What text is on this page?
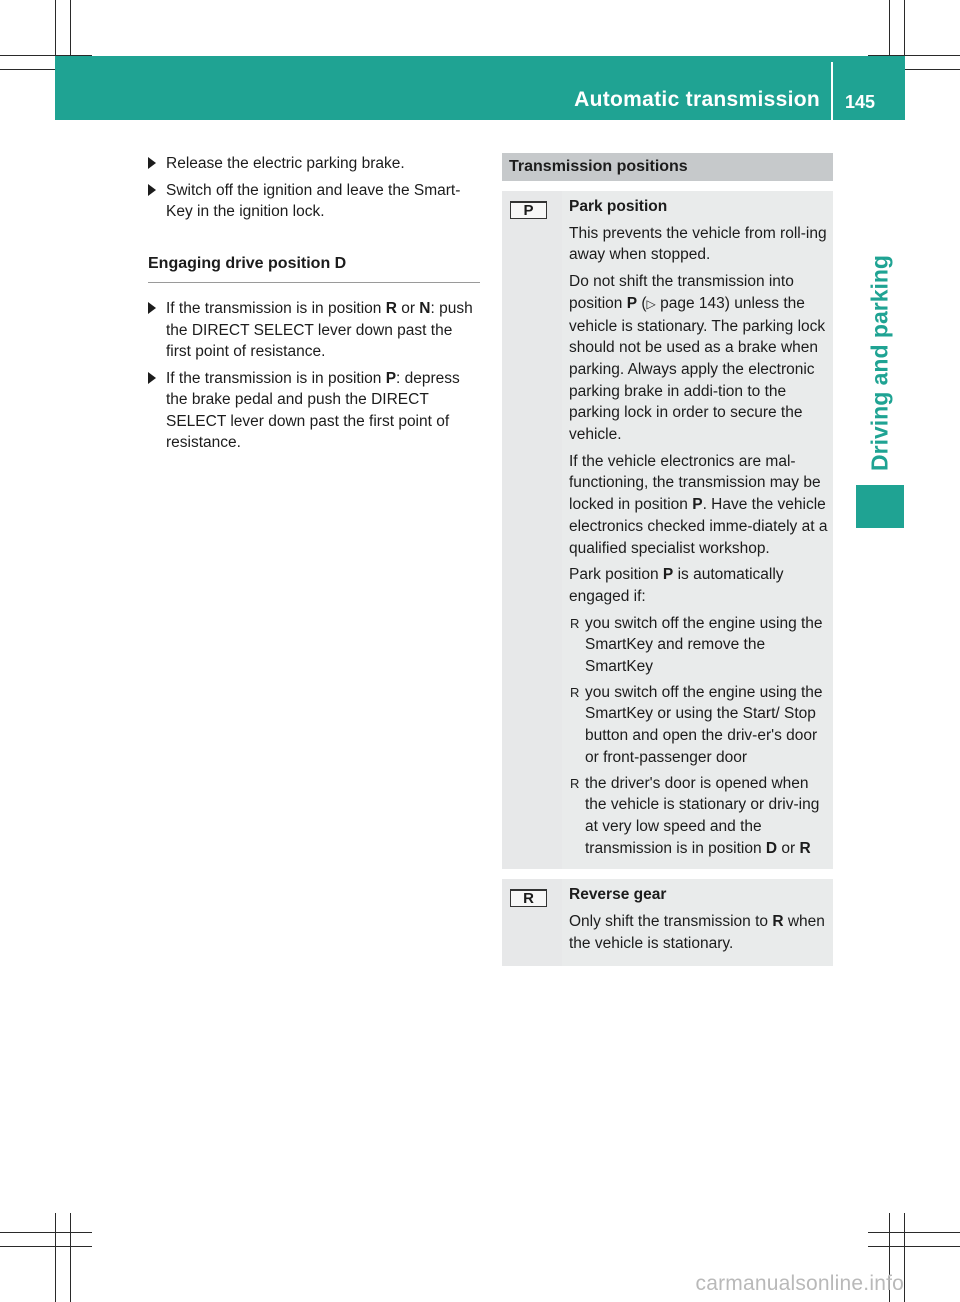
Automatic transmission 145
Driving and parking
Release the electric parking brake.
Switch off the ignition and leave the Smart-Key in the ignition lock.
Engaging drive position D
If the transmission is in position R or N: push the DIRECT SELECT lever down past the first point of resistance.
If the transmission is in position P: depress the brake pedal and push the DIRECT SELECT lever down past the first point of resistance.
Transmission positions
P	Park position
This prevents the vehicle from roll-ing away when stopped.
Do not shift the transmission into position P (▷ page 143) unless the vehicle is stationary. The parking lock should not be used as a brake when parking. Always apply the electronic parking brake in addi-tion to the parking lock in order to secure the vehicle.
If the vehicle electronics are mal-functioning, the transmission may be locked in position P. Have the vehicle electronics checked imme-diately at a qualified specialist workshop.
Park position P is automatically engaged if:
R you switch off the engine using the SmartKey and remove the SmartKey
R you switch off the engine using the SmartKey or using the Start/ Stop button and open the driv-er's door or front-passenger door
R the driver's door is opened when the vehicle is stationary or driv-ing at very low speed and the transmission is in position D or R
R	Reverse gear
Only shift the transmission to R when the vehicle is stationary.
carmanualsonline.info
